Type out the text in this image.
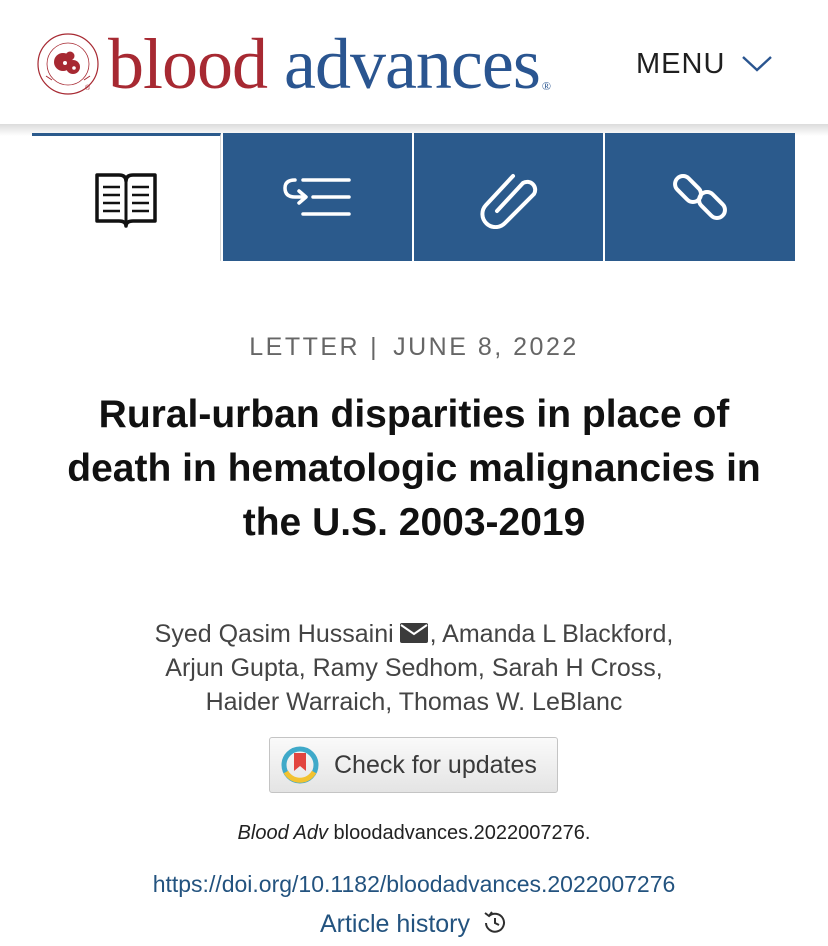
® blood advances ®
MENU
LETTER | JUNE 8, 2022
Rural-urban disparities in place of death in hematologic malignancies in the U.S. 2003-2019
Syed Qasim Hussaini , Amanda L Blackford,
Arjun Gupta, Ramy Sedhom, Sarah H Cross,
Haider Warraich, Thomas W. LeBlanc
Check for updates
Blood Adv bloodadvances.2022007276.
https://doi.org/10.1182/bloodadvances.2022007276
Article history
